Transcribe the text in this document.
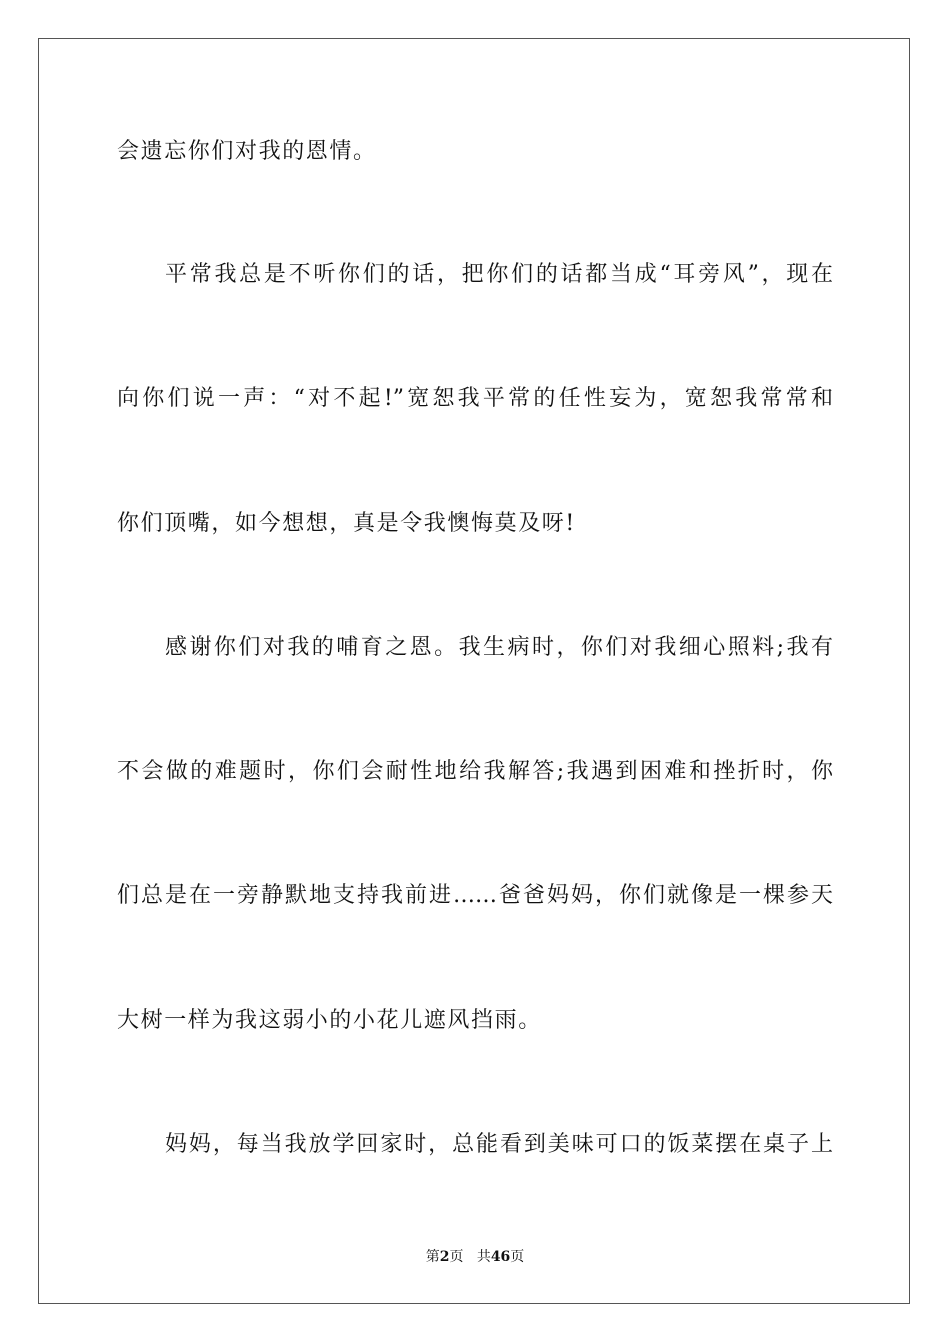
会遗忘你们对我的恩情。
平常我总是不听你们的话，把你们的话都当成“耳旁风”，现在
向你们说一声：“对不起!”宽恕我平常的任性妄为，宽恕我常常和
你们顶嘴，如今想想，真是令我懊悔莫及呀!
感谢你们对我的哺育之恩。我生病时，你们对我细心照料;我有
不会做的难题时，你们会耐性地给我解答;我遇到困难和挫折时，你
们总是在一旁静默地支持我前进……爸爸妈妈，你们就像是一棵参天
大树一样为我这弱小的小花儿遮风挡雨。
妈妈，每当我放学回家时，总能看到美味可口的饭菜摆在桌子上
第2页 共46页
